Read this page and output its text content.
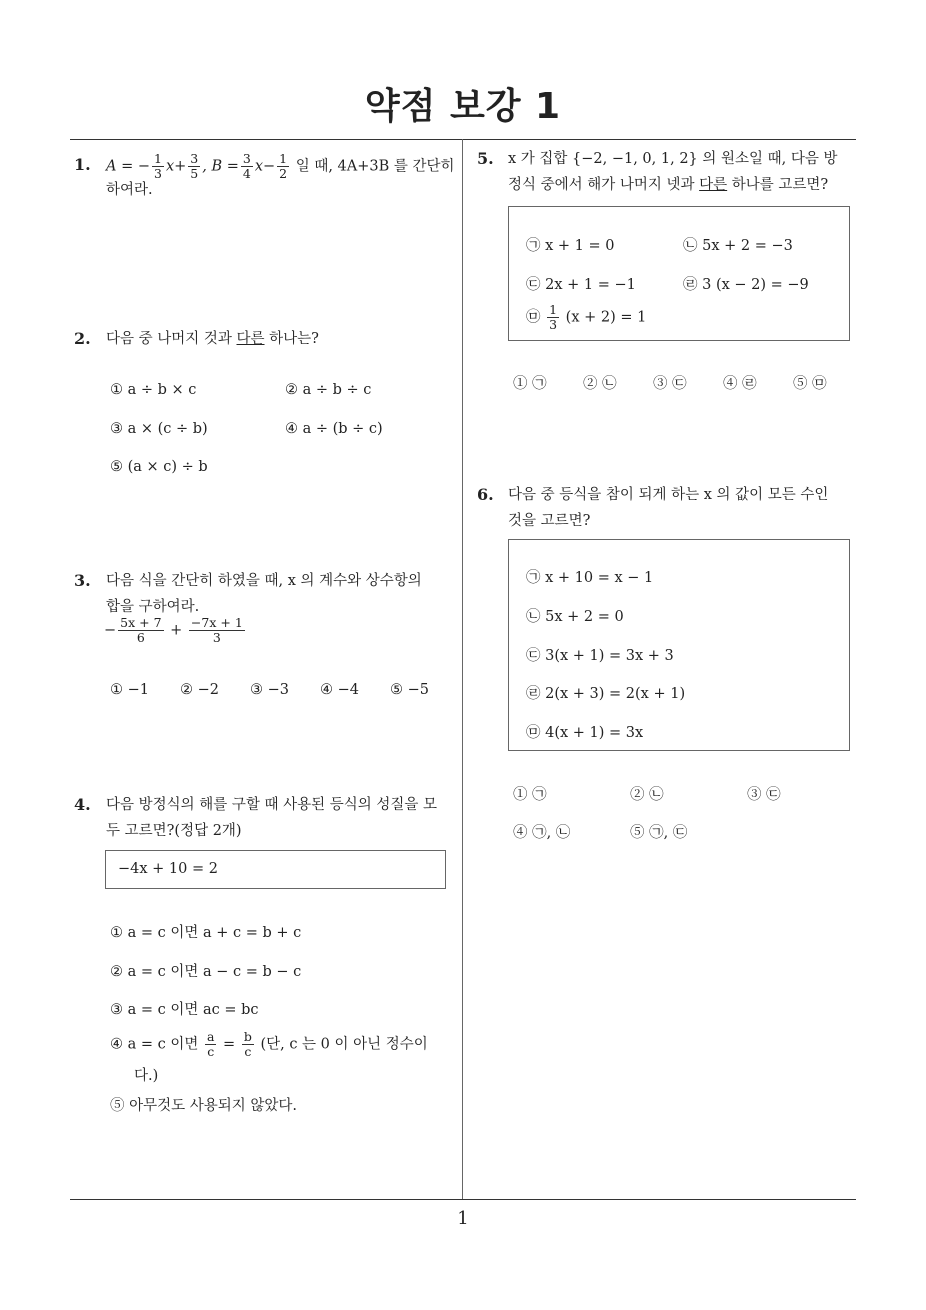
약점 보강 1
1
1. A = − $\frac{1}{3} x+ \frac{3}{5}$ , $B = \frac{3}{4} x- \frac{1}{2}$ 일 때, 4A+3B 를 간단히
하여라.
2. 다음 중 나머지 것과 다른 하나는?
① a ÷ b × c	② a ÷ b ÷ c
③ a × (c ÷ b)	④ a ÷ (b ÷ c)
⑤ (a × c) ÷ b
3. 다음 식을 간단히 하였을 때, x 의 계수와 상수항의
합을 구하여라.
− $\frac{5x + 7}{6} + \frac{-7x + 1}{3}$
① −1 ② −2 ③ −3 ④ −4 ⑤ −5
4. 다음 방정식의 해를 구할 때 사용된 등식의 성질을 모
두 고르면?(정답 2개)
−4x + 10 = 2
① a = c 이면 a + c = b + c
② a = c 이면 a − c = b − c
③ a = c 이면 ac = bc
④ a = c 이면 $\frac{a}{c} = \frac{b}{c}$ (단, c 는 0 이 아닌 정수이
다.)
⑤ 아무것도 사용되지 않았다.
5. x 가 집합 {−2, −1, 0, 1, 2} 의 원소일 때, 다음 방
정식 중에서 해가 나머지 넷과 다른 하나를 고르면?
㉠ x + 1 = 0	㉡ 5x + 2 = −3
㉢ 2x + 1 = −1	㉣ 3 (x − 2) = −9
㉤ $\frac{1}{3} (x + 2) = 1$
① ㉠	② ㉡	③ ㉢	④ ㉣	⑤ ㉤
6. 다음 중 등식을 참이 되게 하는 x 의 값이 모든 수인
것을 고르면?
㉠ x + 10 = x − 1
㉡ 5x + 2 = 0
㉢ 3(x + 1) = 3x + 3
㉣ 2(x + 3) = 2(x + 1)
㉤ 4(x + 1) = 3x
① ㉠	② ㉡	③ ㉢
④ ㉠, ㉡	⑤ ㉠, ㉢
